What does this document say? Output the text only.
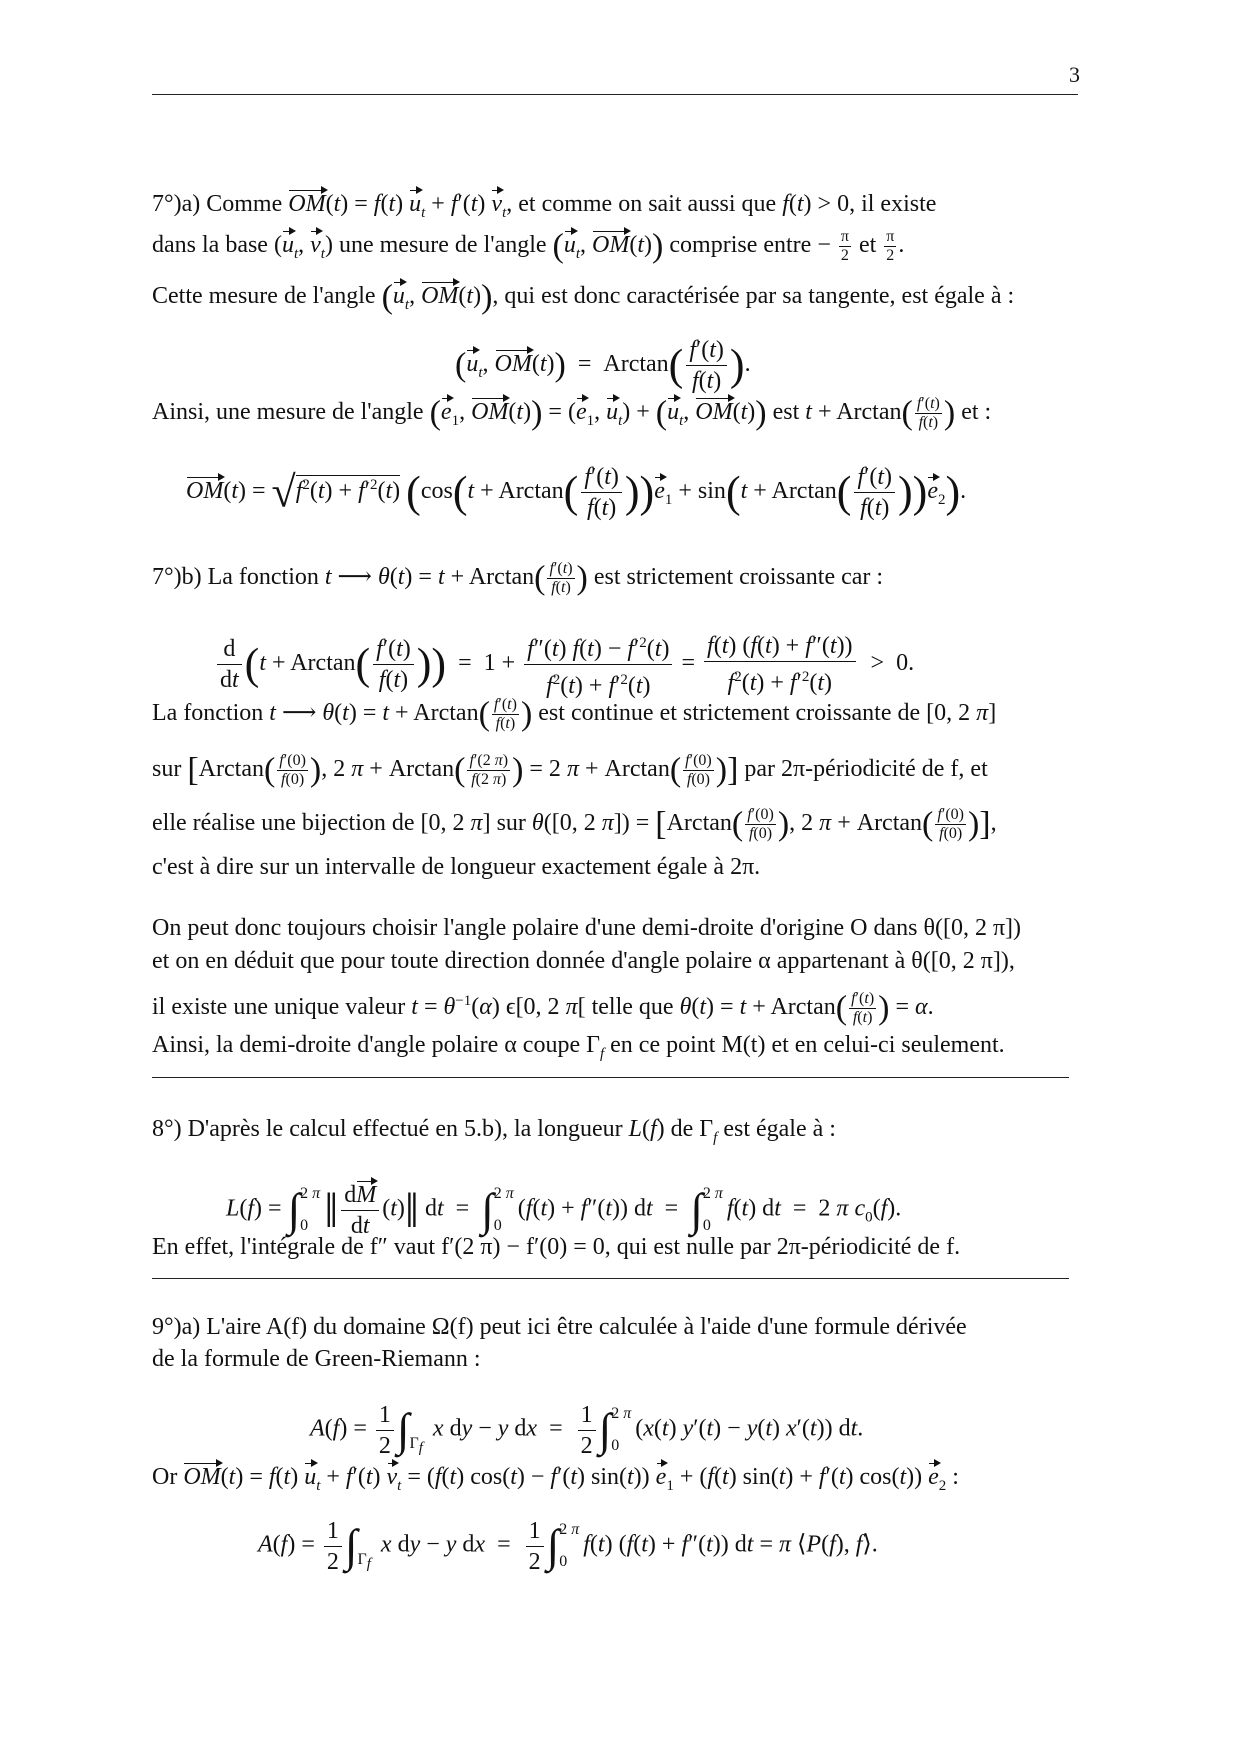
3
7°)a) Comme OM(t) = f(t) $u_t + f'(t)$ $v_t$, et comme on sait aussi que f(t) > 0, il existe
dans la base ($u_t$, $v_t$) une mesure de l'angle ($u_t$, OM(t)) comprise entre − $\frac{\pi}{2}$ et $\frac{\pi}{2}$ .
Cette mesure de l'angle ($u_t$, OM(t)), qui est donc caractérisée par sa tangente, est égale à :
($u_t$, $OM(t)) = Arctan( \frac{f'(t)}{f(t)}$ ).
Ainsi, une mesure de l'angle ($e_1$, $OM(t)) = (e_1$, $u_t) + (u_t$, OM(t)) est $t + Arctan( \frac{f'(t)}{f(t)}$ ) et :
$OM(t) = √f^2(t) + f'^2(t) (\cos(t + Arctan( \frac{f'(t)}{f(t)} ))e_1 + \sin(t + Arctan( \frac{f'(t)}{f(t)} ))e_2)$.
7°)b) La fonction t ⟶ $\theta(t) = t + Arctan( \frac{f'(t)}{f(t)}$ ) est strictement croissante car :
$\frac{d}{dt} (t + Arctan( \frac{f'(t)}{f(t)}$ ))  =  $1 + \frac{f''(t) f(t) - f'^2(t)}{f^2(t) + f'^2(t)} = \frac{f(t) (f(t) + f''(t))}{f^2(t) + f'^2(t)} > 0$.
La fonction t ⟶ $\theta(t) = t + Arctan( \frac{f'(t)}{f(t)}$ ) est continue et strictement croissante de [0, 2 π]
sur [$Arctan( \frac{f'(0)}{f(0)}$ ), 2 $\pi + Arctan( \frac{f'(2 \pi)}{f(2 \pi)}$ ) = 2 $\pi + Arctan( \frac{f'(0)}{f(0)}$ )] par 2π-périodicité de f, et
elle réalise une bijection de [0, 2 π] sur θ([0, 2 $\pi]) = [Arctan( \frac{f'(0)}{f(0)}$ ), 2 $\pi + Arctan( \frac{f'(0)}{f(0)}$ )],
c'est à dire sur un intervalle de longueur exactement égale à 2π.
On peut donc toujours choisir l'angle polaire d'une demi-droite d'origine O dans θ([0, 2 π])
et on en déduit que pour toute direction donnée d'angle polaire α appartenant à θ([0, 2 π]),
il existe une unique valeur $t = \theta^{-1}(\alpha)$ ϵ[0, 2 π[ telle que $\theta(t) = t + Arctan( \frac{f'(t)}{f(t)}$ ) = α.
Ainsi, la demi-droite d'angle polaire α coupe $\Gamma_f$ en ce point M(t) et en celui-ci seulement.
8°) D'après le calcul effectué en 5.b), la longueur L(f) de $\Gamma_f$ est égale à :
L(f) = ∫ 2 π
0 ‖ $\frac{dM}{dt}$ (t)‖ dt  =  ∫ 2 π
0
(f(t) + f″(t)) dt  =  ∫ 2 π
0
f(t) dt  =  2 π $c_0(f)$.
En effet, l'intégrale de f″ vaut f′(2 π) − f′(0) = 0, qui est nulle par 2π-périodicité de f.
9°)a) L'aire A(f) du domaine Ω(f) peut ici être calculée à l'aide d'une formule dérivée
de la formule de Green-Riemann :
$A(f) = \frac{1}{2}$ ∫
$\Gamma_f$
x dy − y dx  = $\frac{1}{2}$ ∫ 2 π
0
(x(t) y′(t) − y(t) x′(t)) dt.
Or OM(t) = f(t) $u_t + f'(t) v_t = (f(t) \cos(t) - f'(t)$ sin(t)) $e_1 + (f(t) \sin(t) + f'(t)$ cos(t)) $e_2$ :
$A(f) = \frac{1}{2}$ ∫
$\Gamma_f$
x dy − y dx  = $\frac{1}{2}$ ∫ 2 π
0
f(t) (f(t) + f″(t)) dt = π ⟨P(f), f⟩.
